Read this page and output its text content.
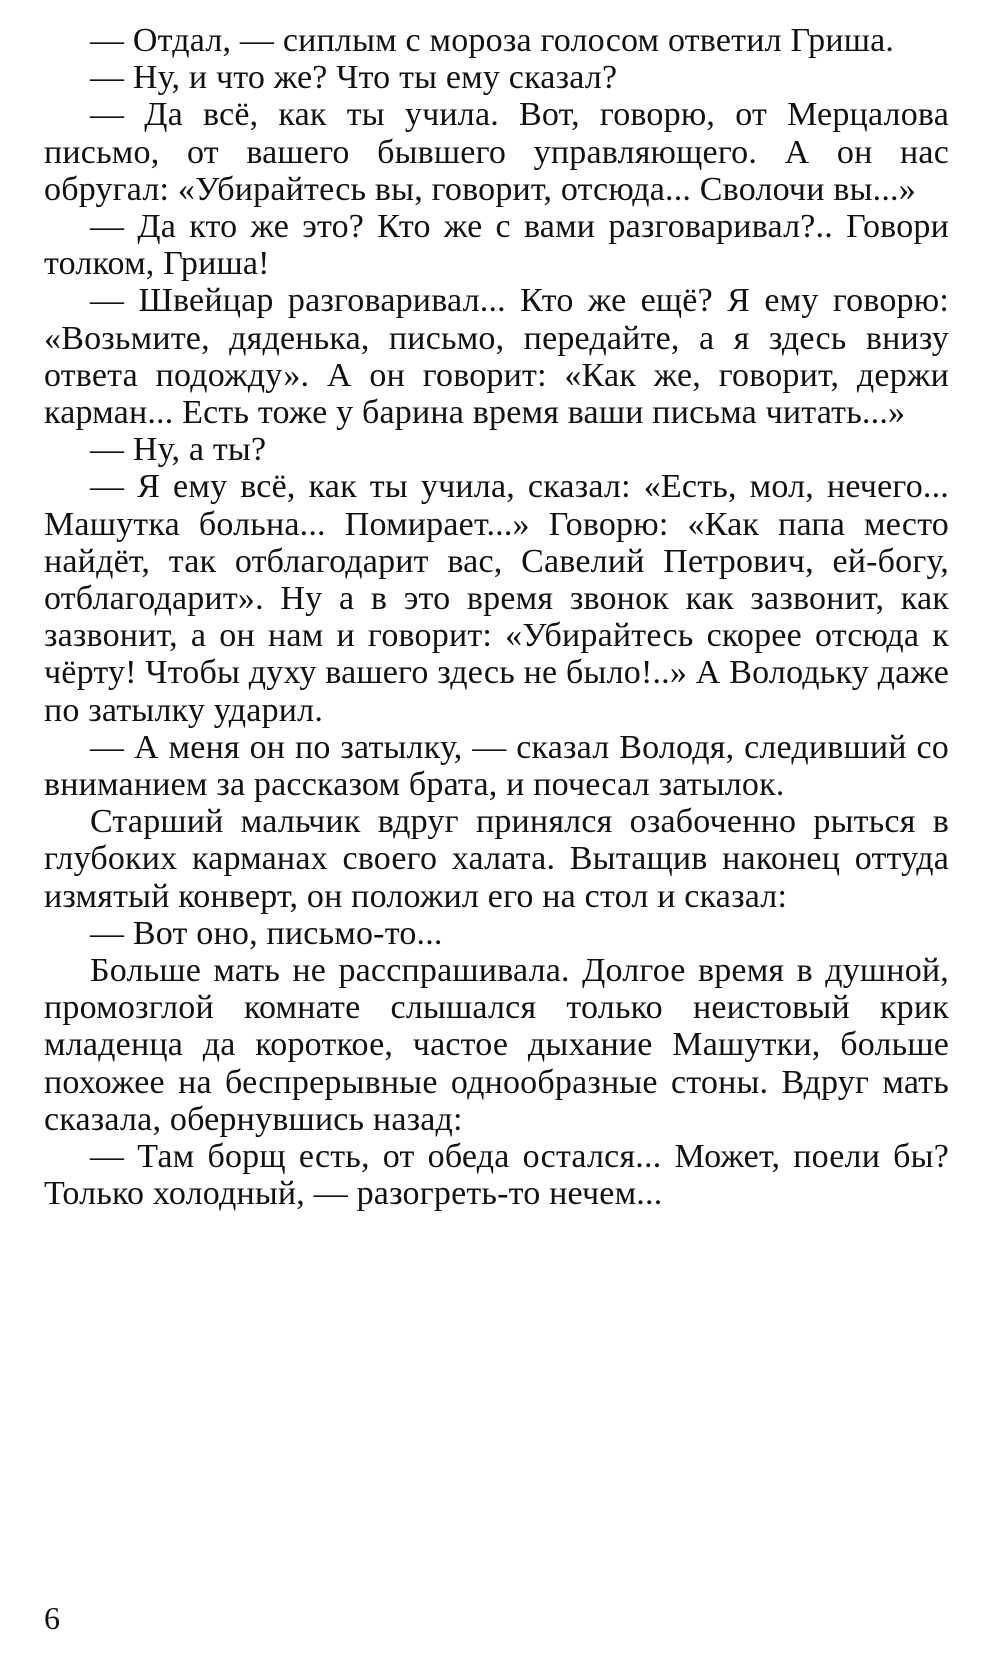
— Отдал, — сиплым с мороза голосом ответил Гриша.

— Ну, и что же? Что ты ему сказал?

— Да всё, как ты учила. Вот, говорю, от Мерцалова письмо, от вашего бывшего управляющего. А он нас обругал: «Убирайтесь вы, говорит, отсюда... Сволочи вы...»

— Да кто же это? Кто же с вами разговаривал?.. Говори толком, Гриша!

— Швейцар разговаривал... Кто же ещё? Я ему говорю: «Возьмите, дяденька, письмо, передайте, а я здесь внизу ответа подожду». А он говорит: «Как же, говорит, держи карман... Есть тоже у барина время ваши письма читать...»

— Ну, а ты?

— Я ему всё, как ты учила, сказал: «Есть, мол, нечего... Машутка больна... Помирает...» Говорю: «Как папа место найдёт, так отблагодарит вас, Савелий Петрович, ей-богу, отблагодарит». Ну а в это время звонок как зазвонит, как зазвонит, а он нам и говорит: «Убирайтесь скорее отсюда к чёрту! Чтобы духу вашего здесь не было!..» А Володьку даже по затылку ударил.

— А меня он по затылку, — сказал Володя, следивший со вниманием за рассказом брата, и почесал затылок.

Старший мальчик вдруг принялся озабоченно рыться в глубоких карманах своего халата. Вытащив наконец оттуда измятый конверт, он положил его на стол и сказал:

— Вот оно, письмо-то...

Больше мать не расспрашивала. Долгое время в душной, промозглой комнате слышался только неистовый крик младенца да короткое, частое дыхание Машутки, больше похожее на беспрерывные однообразные стоны. Вдруг мать сказала, обернувшись назад:

— Там борщ есть, от обеда остался... Может, поели бы? Только холодный, — разогреть-то нечем...

6
